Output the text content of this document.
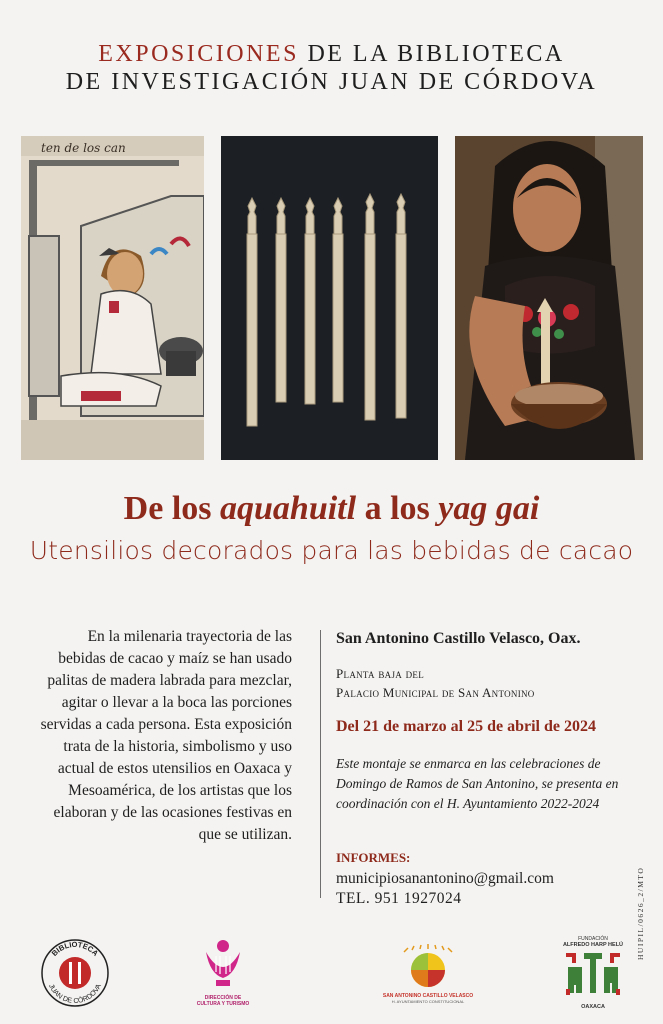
EXPOSICIONES DE LA BIBLIOTECA
DE INVESTIGACIÓN JUAN DE CÓRDOVA
ten de los can
De los aquahuitl a los yag gai
Utensilios decorados para las bebidas de cacao
En la milenaria trayectoria de las bebidas de cacao y maíz se han usado palitas de madera labrada para mezclar, agitar o llevar a la boca las porciones servidas a cada persona. Esta exposición trata de la historia, simbolismo y uso actual de estos utensilios en Oaxaca y Mesoamérica, de los artistas que los elaboran y de las ocasiones festivas en que se utilizan.
San Antonino Castillo Velasco, Oax.
Planta baja del
Palacio Municipal de San Antonino
Del 21 de marzo al 25 de abril de 2024
Este montaje se enmarca en las celebraciones de Domingo de Ramos de San Antonino, se presenta en coordinación con el H. Ayuntamiento 2022-2024
INFORMES:
municipiosanantonino@gmail.com
TEL. 951 1927024	HUIPIL/0626_2/MTO
BIBLIOTECA
JUAN DE CÓRDOVA
DIRECCIÓN DE
CULTURA Y TURISMO
SAN ANTONINO CASTILLO VELASCO
H. AYUNTAMIENTO CONSTITUCIONAL
FUNDACIÓN
ALFREDO HARP HELÚ
OAXACA
